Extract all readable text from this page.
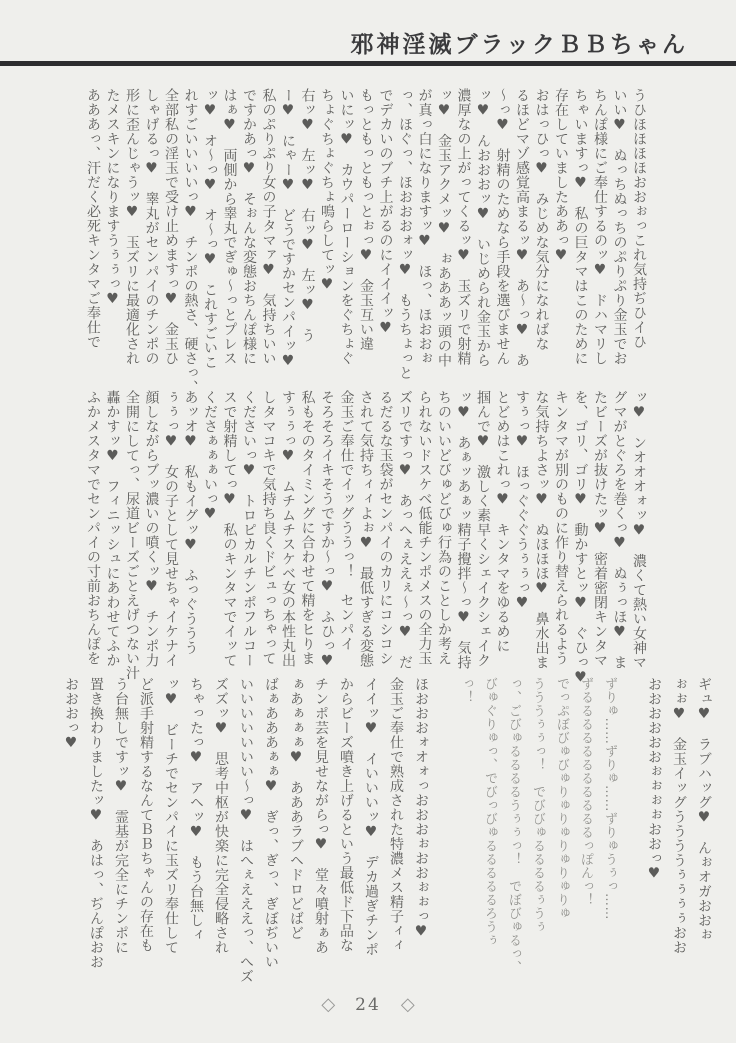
邪神淫滅ブラックＢＢちゃん

うひほほほほおおぉっこれ気持ぢひイひ

いい♥　ぬっちぬっちのぷりぷり金玉でお

ちんぽ様にご奉仕するのッ♥　ドハマリし

ちゃいますっ♥　私の巨タマはこのために

存在していましたああっ♥

おはっひっ♥　みじめな気分になればな

るほどマゾ感覚高まるッ♥　あ〜っ♥　あ

〜っ♥　射精のためなら手段を選びません

ッ♥　んおおおッ♥　いじめられ金玉から

濃厚なの上がってくるッ♥　玉ズリで射精

ッ♥　金玉アクメッ♥　ぉあああッ頭の中

が真っ白になりますッ♥　ほっ、ほおおぉ

っ、ほぐっ、ほおおおォッ♥　もうちょっと

でデカいのブチ上がるのにイイイッ♥

もっともっともっとぉっ♥　金玉互い違

いにッ♥　カウパーローションをぐちょぐ

ちょぐちょぐちょ鳴らしてッ♥

右ッ♥　左ッ♥　右ッ♥　左ッ♥　う

ー♥　にゃー♥　どうですかセンパイッ♥

私のぷりぷり女の子タマァ♥　気持ちいい

ですかあっ♥　そぉんな変態おちんぽ様に

はぁ♥　両側から睾丸でぎゅ〜っとプレス

ッ♥　オ〜っ♥　オ〜っ♥　これすごいこ

れすごいいいいっ♥　チンポの熱さ、硬さっ、

全部私の淫玉で受け止めますっ♥　金玉ひ

しゃげるっ♥　睾丸がセンパイのチンポの

形に歪んじゃうッ♥　玉ズリに最適化され

たメスキンになりますうぅぅっ♥

あああっ、汗だく必死キンタマご奉仕で

ッ♥　ンオオオォッ♥　濃くて熱い女神マ

グマがとぐろを巻くっ♥　ぬぅっほ♥　ま

たビーズが抜けたッ♥　密着密閉キンタマ

を、ゴリ、ゴリ♥　動かすとッ♥　ぐひっ♥

キンタマが別のものに作り替えられるよう

な気持ちよさッ♥　ぬほほほ♥　鼻水出ま

すぅっ♥　ほっぐぐぐうぅぅっ♥

とどめはこれっ♥　キンタマをゆるめに

掴んで♥　激しく素早くシェイクシェイク

ッ♥　あぁッあぁッ精子攪拌〜っ♥　気持

ちのいいどびゅどびゅ行為のことしか考え

られないドスケベ低能チンポメスの全力玉

ズリですっ♥　あっへぇええぇ〜っ♥　だ

るだるな玉袋がセンパイのカリにコシコシ

されて気持ちィィよぉ♥　最低すぎる変態

金玉ご奉仕でイッグううっ！　センパイ

そろそろイキそうですか〜っ♥　ふひっ♥

私もそのタイミングに合わせて精をヒりま

すぅぅっ♥　ムチムチスケベ女の本性丸出

しタマコキで気持ち良くドビュっちゃって

くださいっ♥　トロピカルチンポフルコー

スで射精してっ♥　私のキンタマでイッて

くださぁぁぁいっ♥

あッオ♥　私もイグッ♥　ふっぐううう

ぅぅっ♥　女の子として見せちゃイケナイ

顔しながらブッ濃いの噴くッ♥　チンポ力

全開にしてっ、尿道ビーズごとえげつない汁

轟かすッ♥　フィニッシュにあわせてふか

ふかメスタマでセンパイの寸前おちんぽを

ギュ♥　ラブハッグ♥　んぉオガおおぉ

ぉぉ♥　金玉イッグううううぅぅぅぅおお

おおおおおおぉぉぉぉおおっ♥

ずりゅ……ずりゅ……ずりゅうぅっ……

ずるるるるるるるるるるるっぽんっ！

でっぷぼびゅびゅりゅりゅりゅりゅりゅ

うううぅぅっ！　でびびゅるるるるぅうぅ

っ、ごびゅるるるるうぅぅっ！　でぼびゅるっ、

びゅぐりゅっ、でびっびゅるるるるるろうぅ

っ！

ほおおおォオォっおおおぉおおぉぉっ♥

金玉ご奉仕で熟成された特濃メス精子ィィ

イイッ♥　イいいいッ♥　デカ過ぎチンポ

からビーズ噴き上げるという最低ド下品な

チンポ芸を見せながらっ♥　堂々噴射ぁあ

ぁあぁぁぁ♥　あああラブヘドロどばど

ばぁあああぁぁ♥　ぎっ、ぎっ、ぎぼぢいい

いいいいいいい〜っ♥　はへぇえええっ、へズ

ズズッ♥　思考中枢が快楽に完全侵略され

ちゃったっ♥　アヘッ♥　もう台無しィ

ッ♥　ビーチでセンパイに玉ズリ奉仕して

ど派手射精するなんてＢＢちゃんの存在も

う台無しですッ♥　霊基が完全にチンポに

置き換わりましたッ♥　あはっ、ぢんぽおお

おおおっ♥

◇ 24 ◇
